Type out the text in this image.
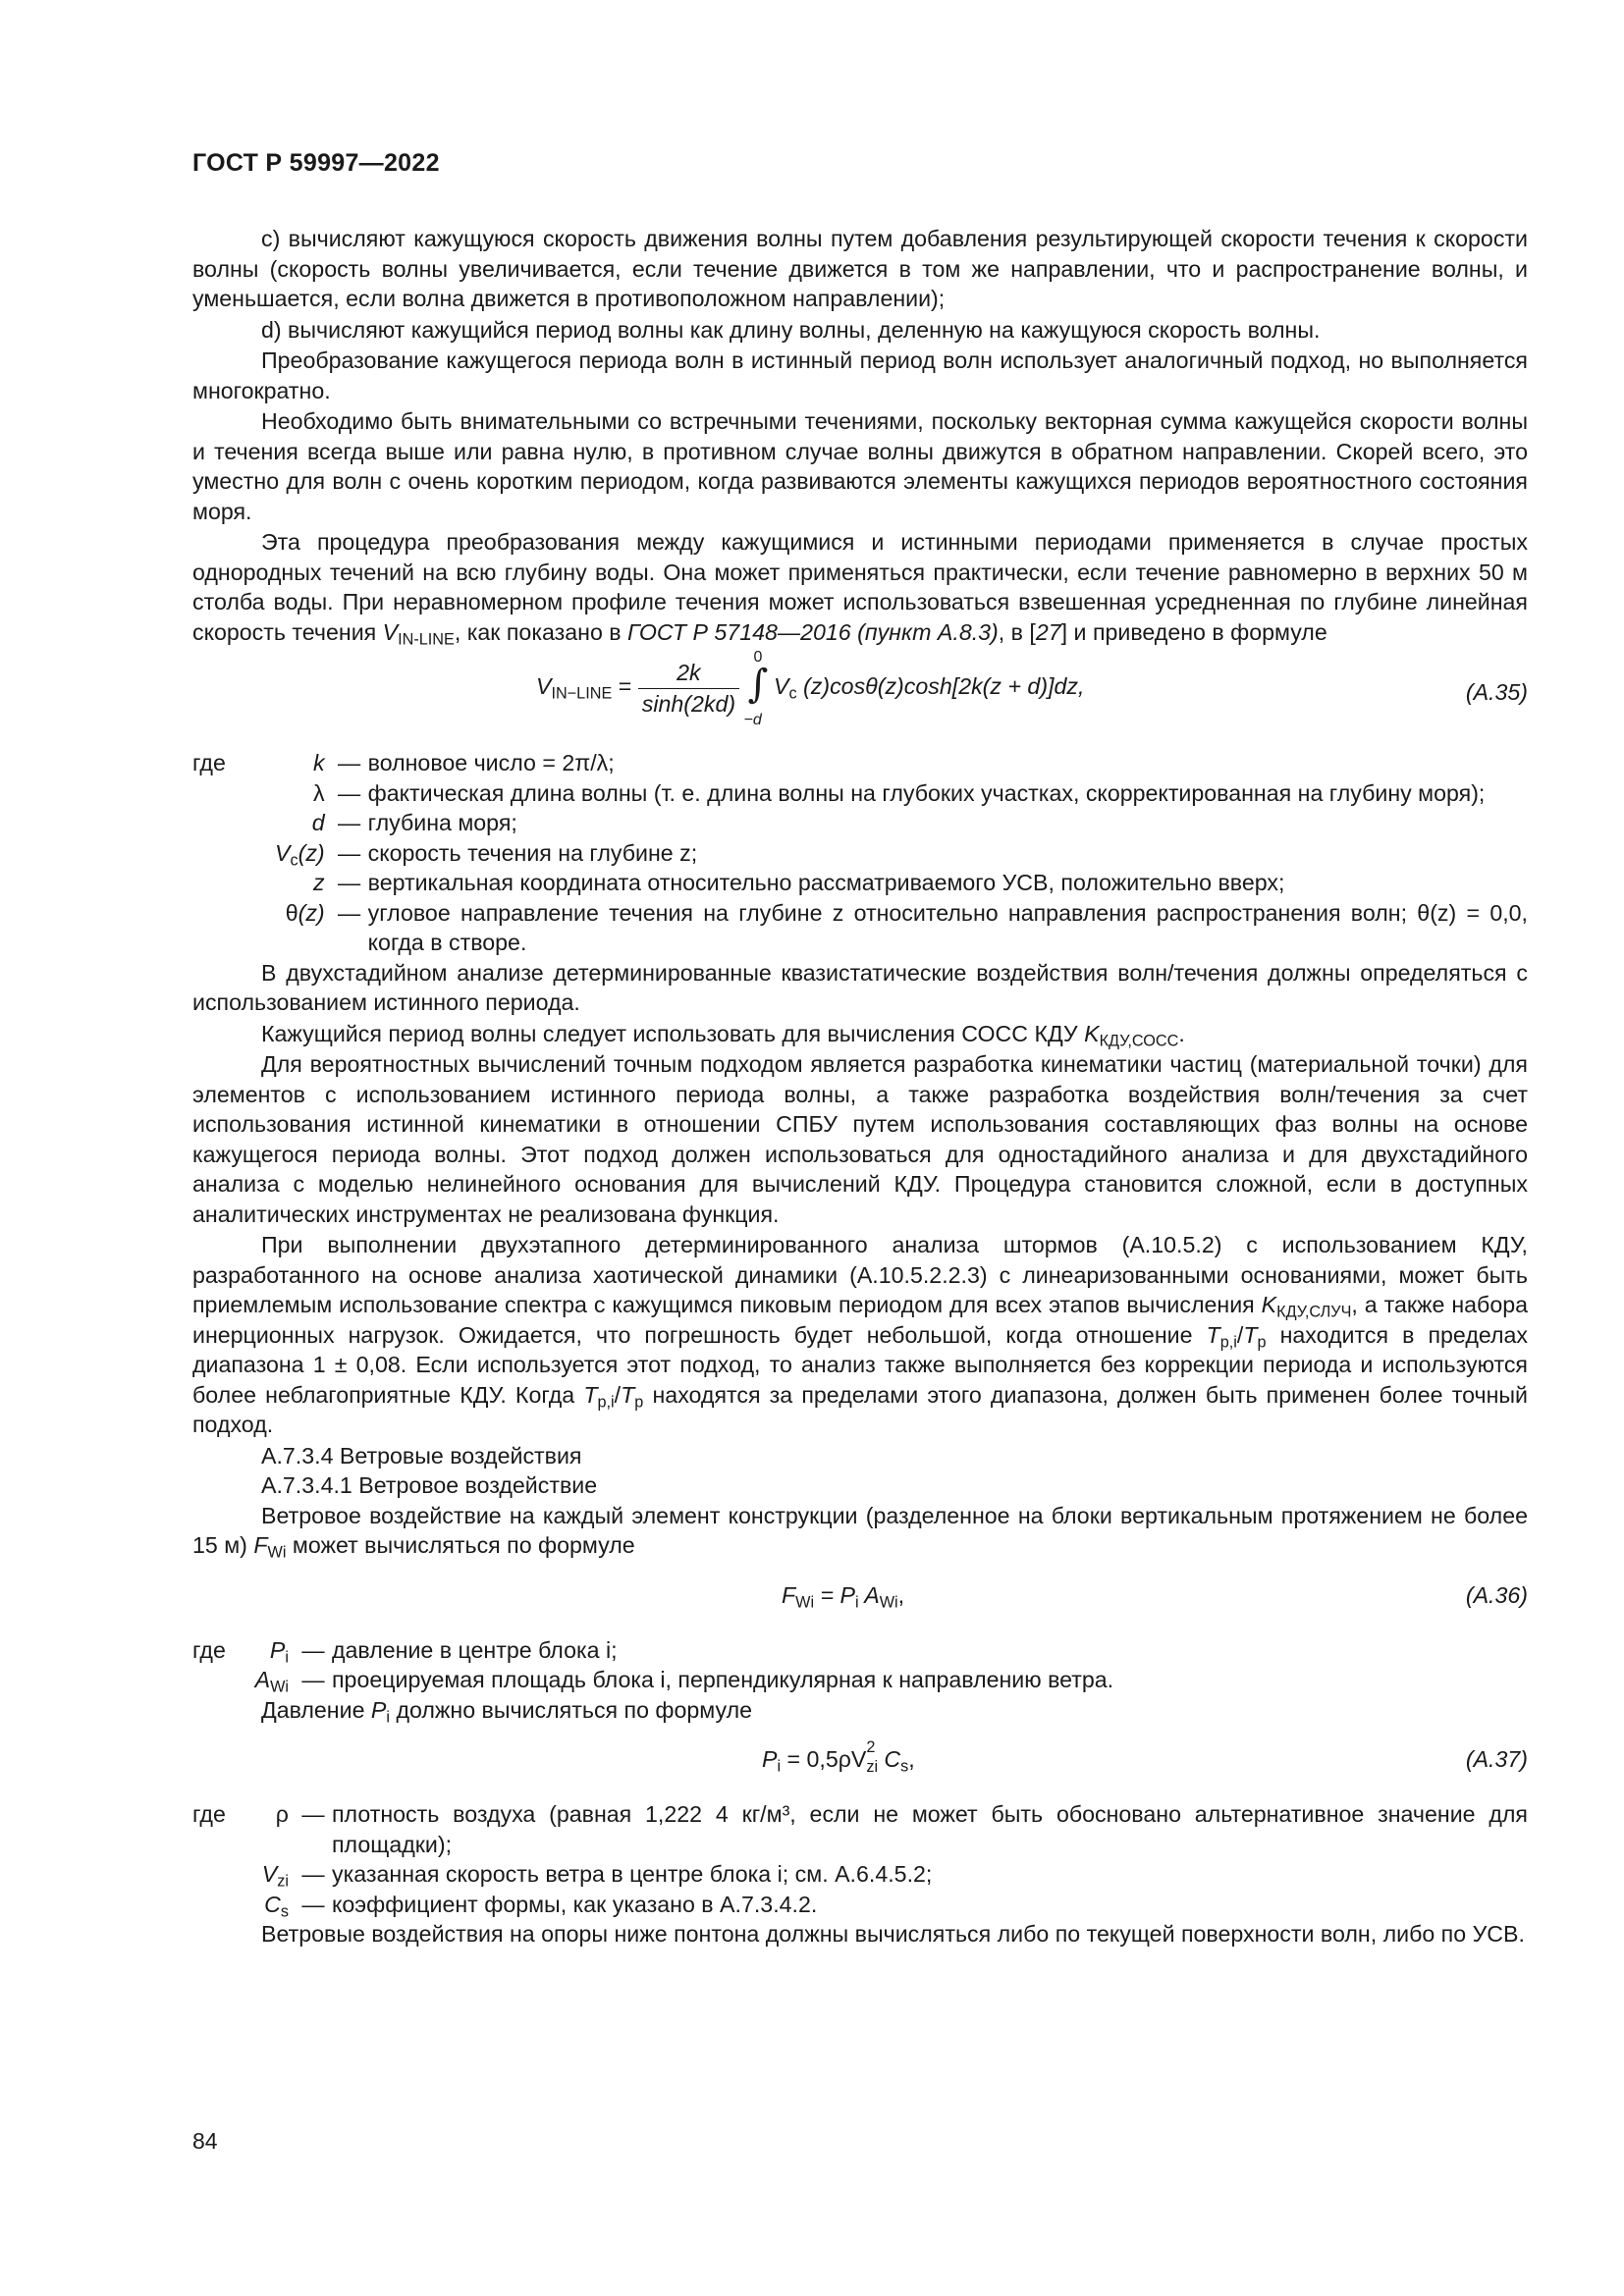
ГОСТ Р 59997—2022

c) вычисляют кажущуюся скорость движения волны путем добавления результирующей скорости течения к скорости волны (скорость волны увеличивается, если течение движется в том же направлении, что и распространение волны, и уменьшается, если волна движется в противоположном направлении);

d) вычисляют кажущийся период волны как длину волны, деленную на кажущуюся скорость волны.

Преобразование кажущегося периода волн в истинный период волн использует аналогичный подход, но выполняется многократно.

Необходимо быть внимательными со встречными течениями, поскольку векторная сумма кажущейся скорости волны и течения всегда выше или равна нулю, в противном случае волны движутся в обратном направлении. Скорей всего, это уместно для волн с очень коротким периодом, когда развиваются элементы кажущихся периодов вероятностного состояния моря.

Эта процедура преобразования между кажущимися и истинными периодами применяется в случае простых однородных течений на всю глубину воды. Она может применяться практически, если течение равномерно в верхних 50 м столба воды. При неравномерном профиле течения может использоваться взвешенная усредненная по глубине линейная скорость течения $V_{IN-LINE}$, как показано в ГОСТ Р 57148—2016 (пункт А.8.3), в [27] и приведено в формуле

$V_{IN-LINE} = \frac{2k}{\sinh(2kd)}$

0
∫
−d
$V_c$ (z)cosθ(z)cosh[2k(z + d)]dz,	(А.35)
где	k	—	волновое число = 2π/λ;
	λ	—	фактическая длина волны (т. е. длина волны на глубоких участках, скорректированная на глубину моря);
	d	—	глубина моря;
	$V_c(z)$	—	скорость течения на глубине z;
	z	—	вертикальная координата относительно рассматриваемого УСВ, положительно вверх;
	θ(z)	—	угловое направление течения на глубине z относительно направления распространения волн; θ(z) = 0,0, когда в створе.

В двухстадийном анализе детерминированные квазистатические воздействия волн/течения должны определяться с использованием истинного периода.

Кажущийся период волны следует использовать для вычисления СОСС КДУ $K_{КДУ,СОСС}$.

Для вероятностных вычислений точным подходом является разработка кинематики частиц (материальной точки) для элементов с использованием истинного периода волны, а также разработка воздействия волн/течения за счет использования истинной кинематики в отношении СПБУ путем использования составляющих фаз волны на основе кажущегося периода волны. Этот подход должен использоваться для одностадийного анализа и для двухстадийного анализа с моделью нелинейного основания для вычислений КДУ. Процедура становится сложной, если в доступных аналитических инструментах не реализована функция.

При выполнении двухэтапного детерминированного анализа штормов (А.10.5.2) с использованием КДУ, разработанного на основе анализа хаотической динамики (А.10.5.2.2.3) с линеаризованными основаниями, может быть приемлемым использование спектра с кажущимся пиковым периодом для всех этапов вычисления $K_{КДУ,СЛУЧ}$, а также набора инерционных нагрузок. Ожидается, что погрешность будет небольшой, когда отношение $T_{p,i}/T_p$ находится в пределах диапазона 1 ± 0,08. Если используется этот подход, то анализ также выполняется без коррекции периода и используются более неблагоприятные КДУ. Когда $T_{p,i}/T_p$ находятся за пределами этого диапазона, должен быть применен более точный подход.

А.7.3.4 Ветровые воздействия

А.7.3.4.1 Ветровое воздействие

Ветровое воздействие на каждый элемент конструкции (разделенное на блоки вертикальным протяжением не более 15 м) $F_{Wi}$ может вычисляться по формуле

$F_{Wi} = P_i$ $A_{Wi}$,	(А.36)
где	$P_i$	—	давление в центре блока i;
	$A_{Wi}$	—	проецируемая площадь блока i, перпендикулярная к направлению ветра.

Давление $P_i$ должно вычисляться по формуле

$P_i = 0,5\rho V$ 2
zi $C_s$,	(А.37)
где	ρ	—	плотность воздуха (равная 1,222 4 кг/м³, если не может быть обосновано альтернативное значение для площадки);
	$V_{zi}$	—	указанная скорость ветра в центре блока i; см. А.6.4.5.2;
	$C_s$	—	коэффициент формы, как указано в А.7.3.4.2.

Ветровые воздействия на опоры ниже понтона должны вычисляться либо по текущей поверхности волн, либо по УСВ.

84
